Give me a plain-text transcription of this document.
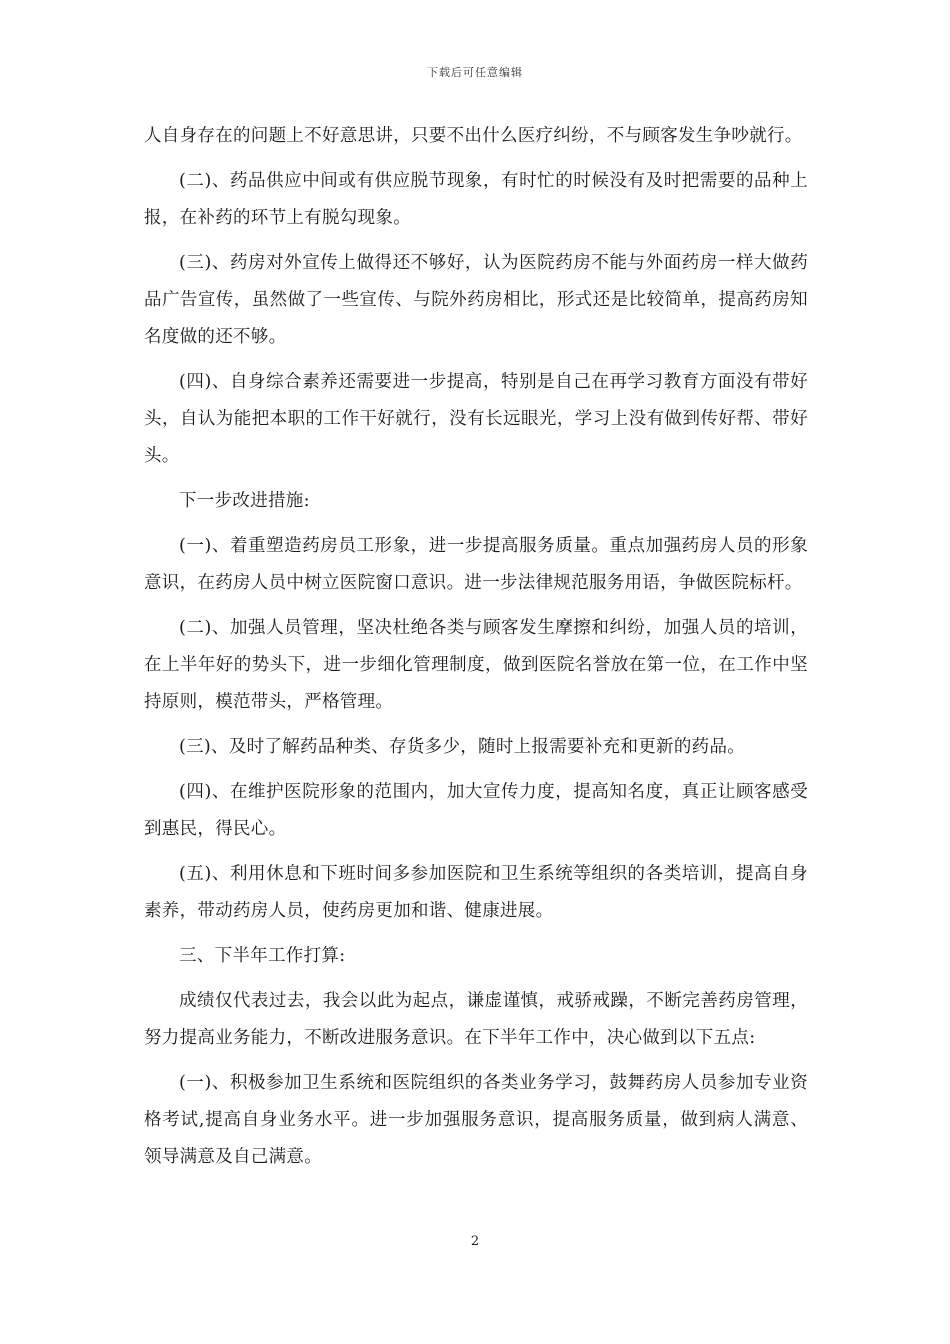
下载后可任意编辑

人自身存在的问题上不好意思讲，只要不出什么医疗纠纷，不与顾客发生争吵就行。

(二)、药品供应中间或有供应脱节现象，有时忙的时候没有及时把需要的品种上报，在补药的环节上有脱勾现象。

(三)、药房对外宣传上做得还不够好，认为医院药房不能与外面药房一样大做药品广告宣传，虽然做了一些宣传、与院外药房相比，形式还是比较简单，提高药房知名度做的还不够。

(四)、自身综合素养还需要进一步提高，特别是自己在再学习教育方面没有带好头，自认为能把本职的工作干好就行，没有长远眼光，学习上没有做到传好帮、带好头。

下一步改进措施:

(一)、着重塑造药房员工形象，进一步提高服务质量。重点加强药房人员的形象意识，在药房人员中树立医院窗口意识。进一步法律规范服务用语，争做医院标杆。

(二)、加强人员管理，坚决杜绝各类与顾客发生摩擦和纠纷，加强人员的培训，在上半年好的势头下，进一步细化管理制度，做到医院名誉放在第一位，在工作中坚持原则，模范带头，严格管理。

(三)、及时了解药品种类、存货多少，随时上报需要补充和更新的药品。

(四)、在维护医院形象的范围内，加大宣传力度，提高知名度，真正让顾客感受到惠民，得民心。

(五)、利用休息和下班时间多参加医院和卫生系统等组织的各类培训，提高自身素养，带动药房人员，使药房更加和谐、健康进展。

三、下半年工作打算:

成绩仅代表过去，我会以此为起点，谦虚谨慎，戒骄戒躁，不断完善药房管理，努力提高业务能力，不断改进服务意识。在下半年工作中，决心做到以下五点:

(一)、积极参加卫生系统和医院组织的各类业务学习，鼓舞药房人员参加专业资格考试,提高自身业务水平。进一步加强服务意识，提高服务质量，做到病人满意、领导满意及自己满意。

2
